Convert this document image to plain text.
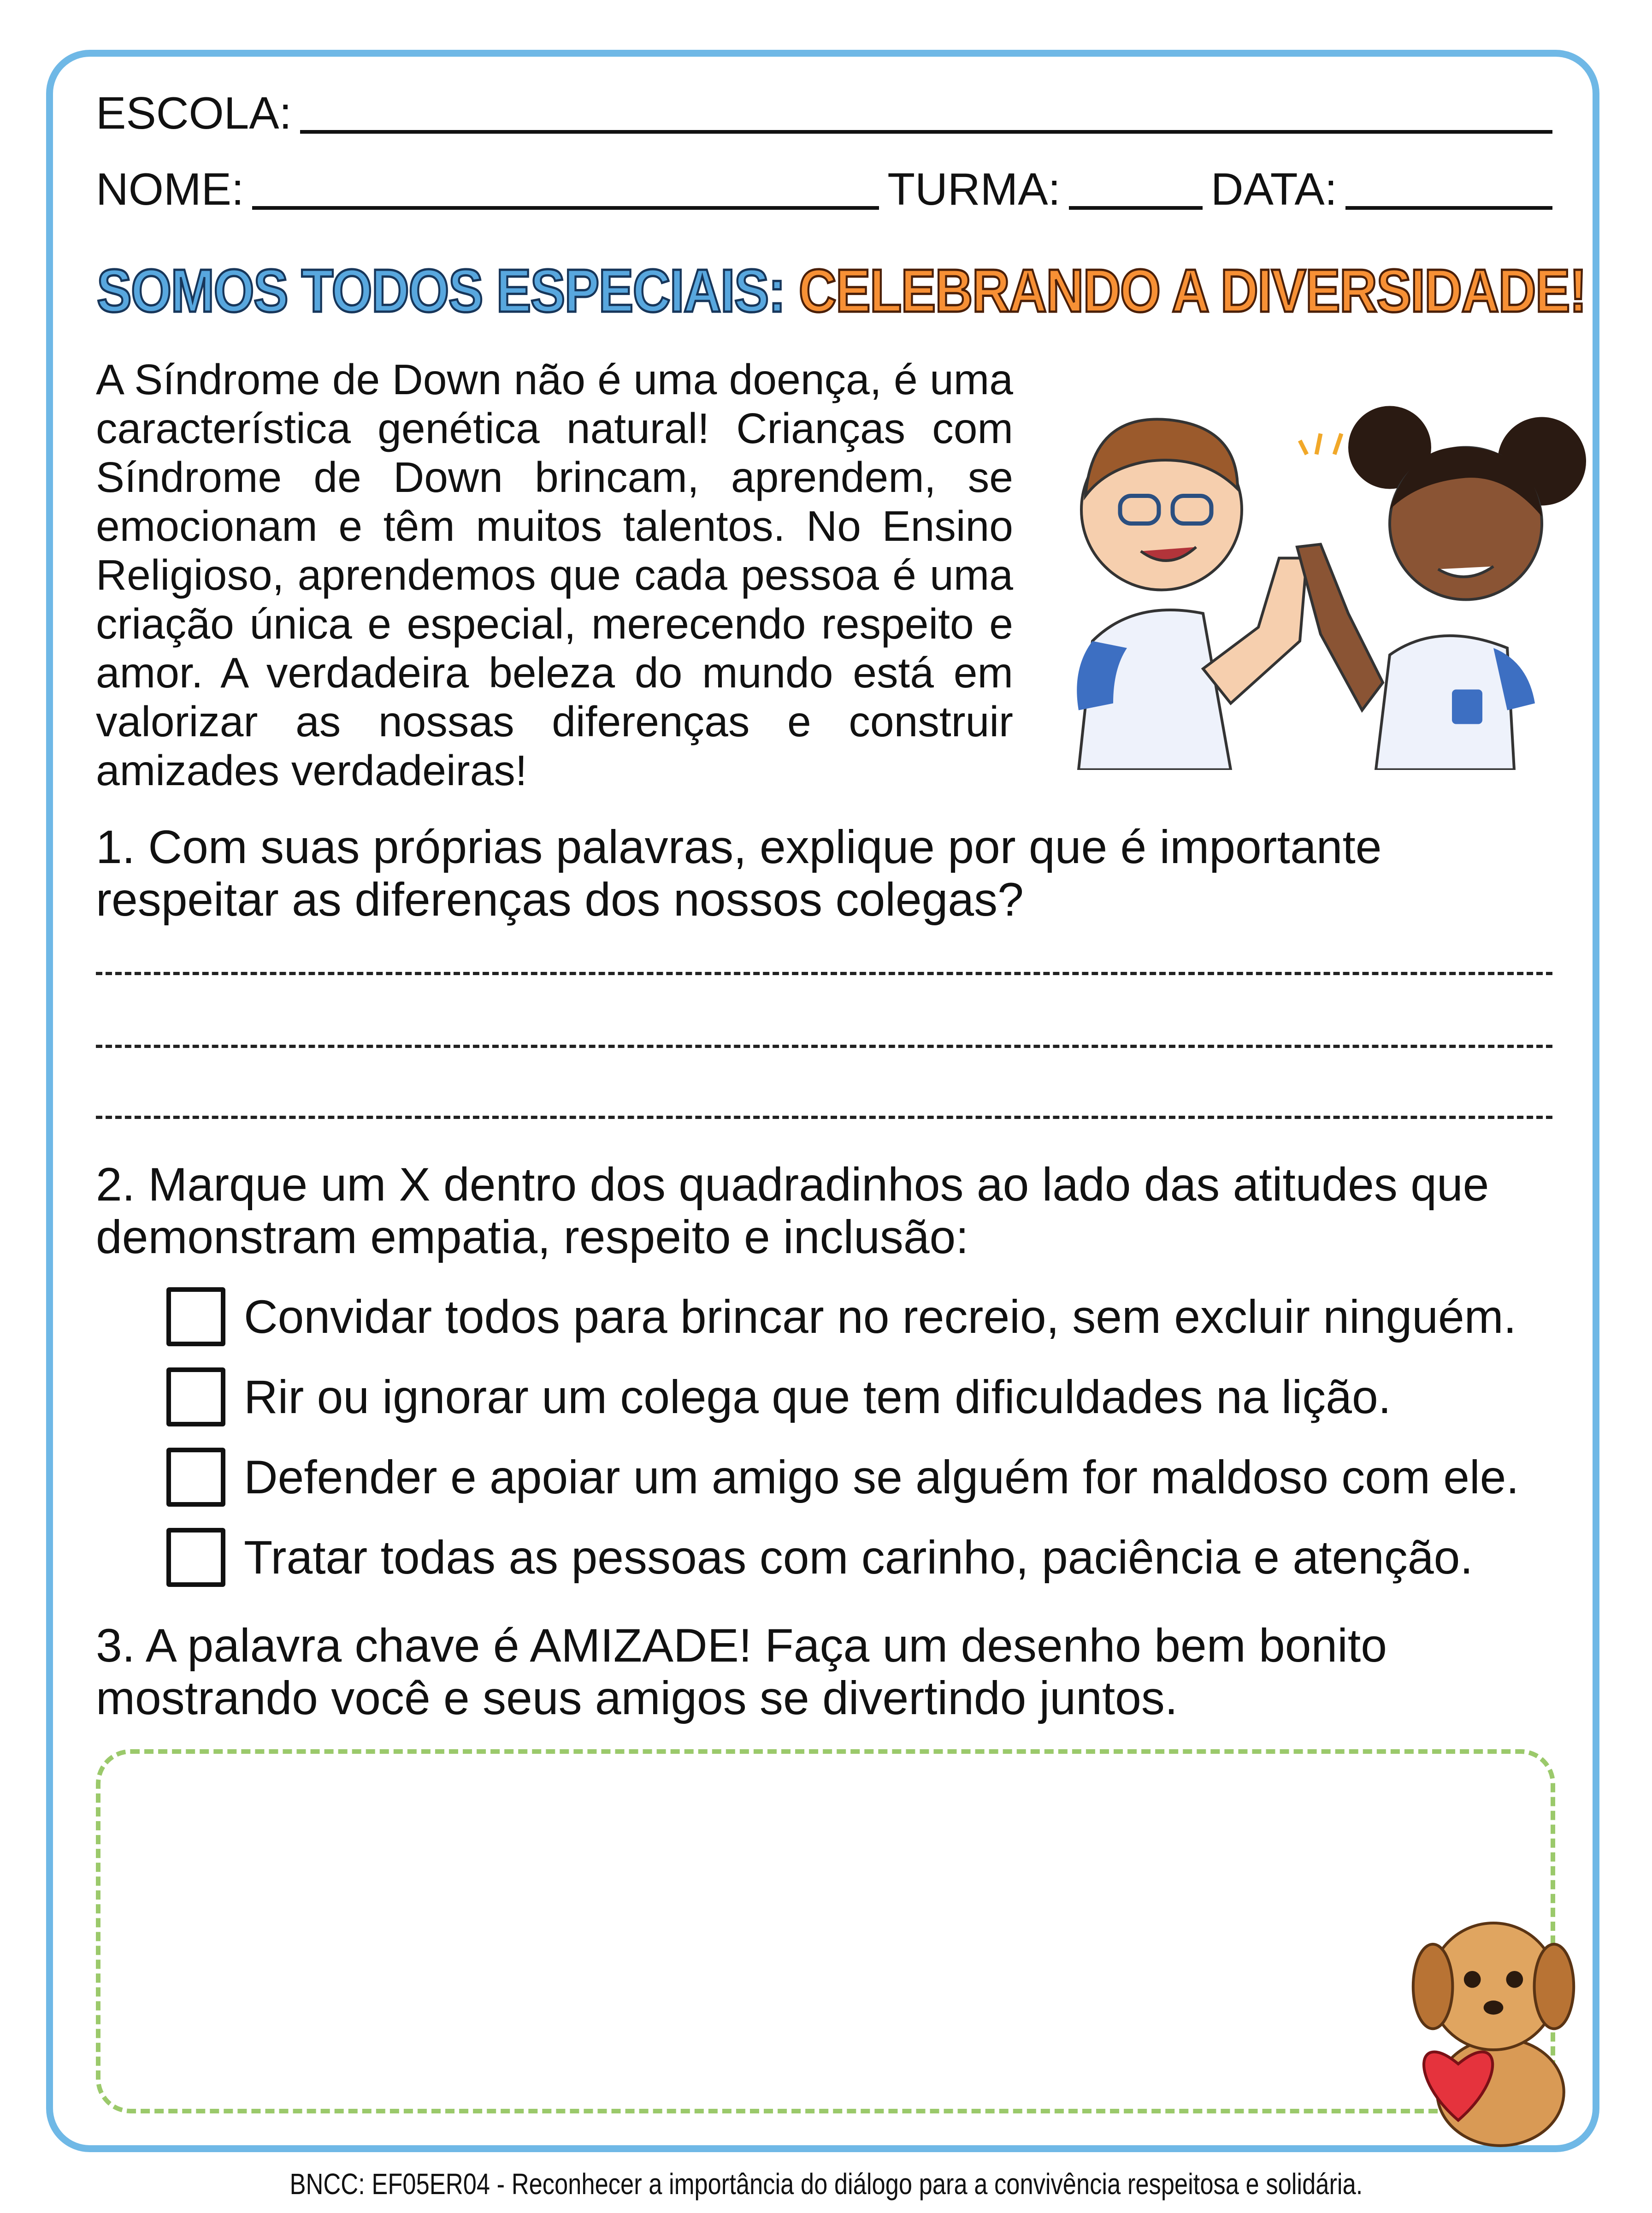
ESCOLA:
NOME:	TURMA:	DATA:
SOMOS TODOS ESPECIAIS: CELEBRANDO A DIVERSIDADE!
A Síndrome de Down não é uma doença, é uma característica genética natural! Crianças com Síndrome de Down brincam, aprendem, se emocionam e têm muitos talentos. No Ensino Religioso, aprendemos que cada pessoa é uma criação única e especial, merecendo respeito e amor. A verdadeira beleza do mundo está em valorizar as nossas diferenças e construir amizades verdadeiras!
1. Com suas próprias palavras, explique por que é importante respeitar as diferenças dos nossos colegas?
2. Marque um X dentro dos quadradinhos ao lado das atitudes que demonstram empatia, respeito e inclusão:
Convidar todos para brincar no recreio, sem excluir ninguém.
Rir ou ignorar um colega que tem dificuldades na lição.
Defender e apoiar um amigo se alguém for maldoso com ele.
Tratar todas as pessoas com carinho, paciência e atenção.
3. A palavra chave é AMIZADE! Faça um desenho bem bonito mostrando você e seus amigos se divertindo juntos.
BNCC: EF05ER04 - Reconhecer a importância do diálogo para a convivência respeitosa e solidária.
